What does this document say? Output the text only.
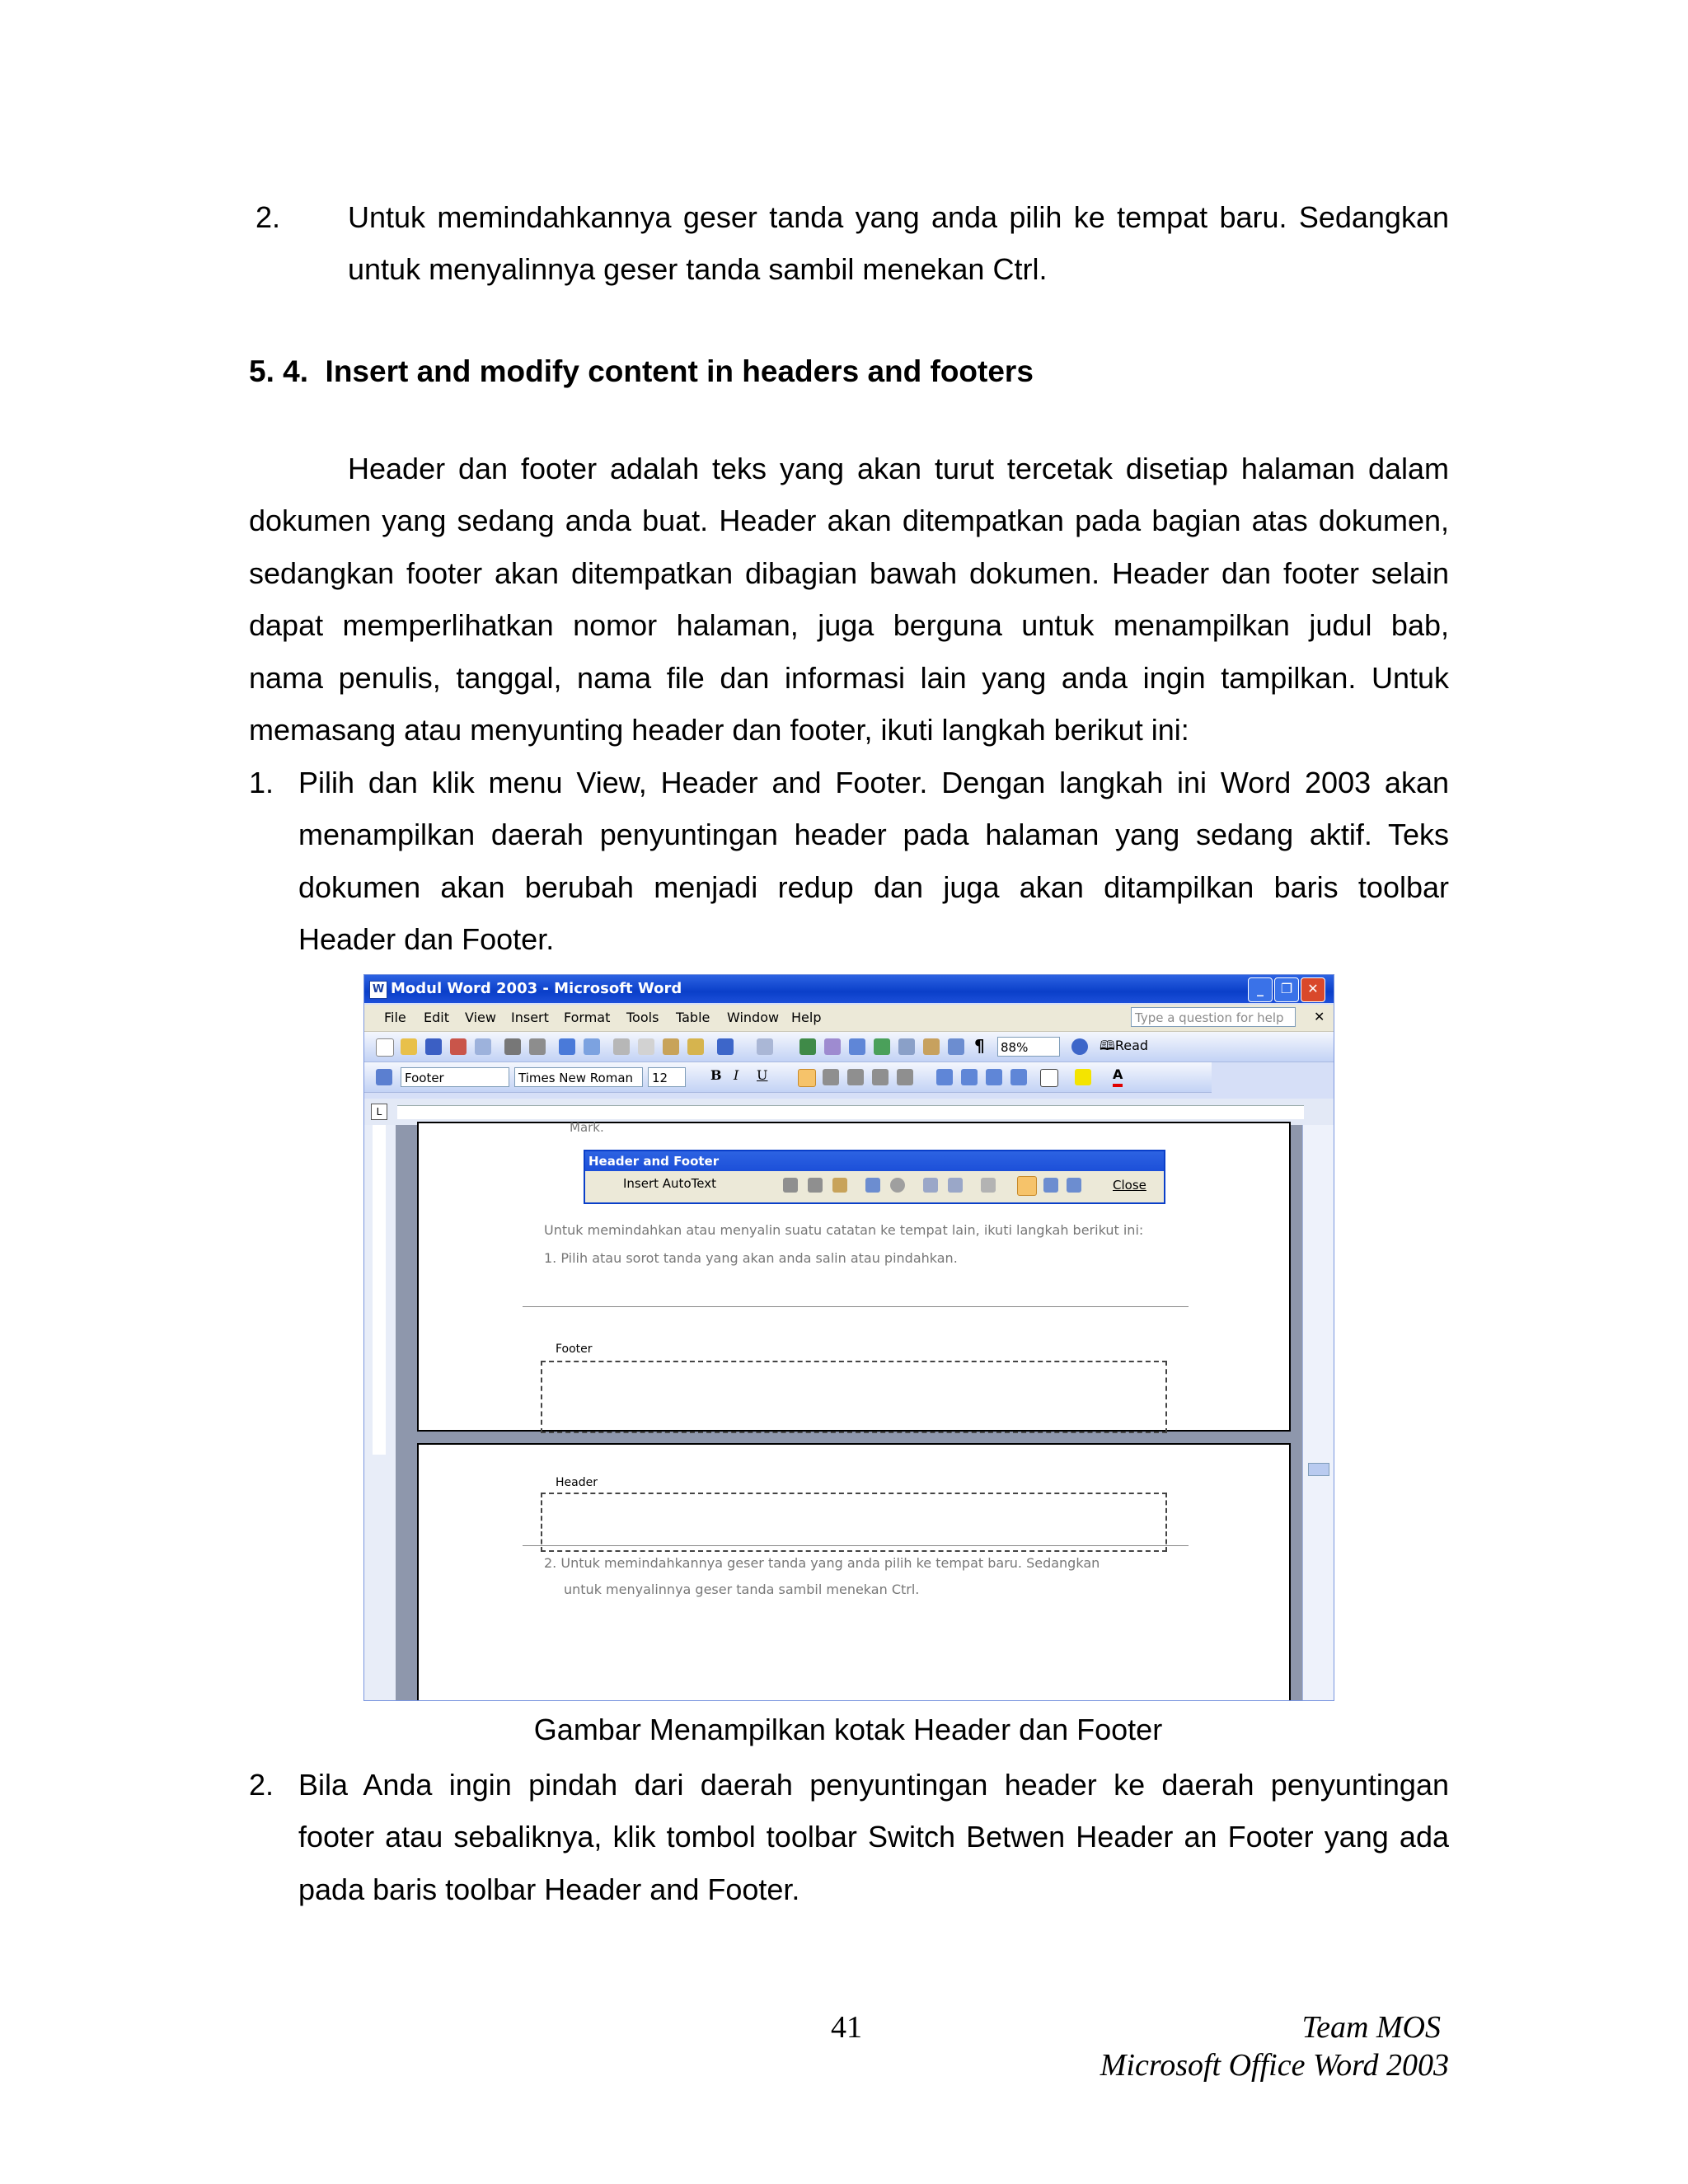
2. Untuk memindahkannya geser tanda yang anda pilih ke tempat baru. Sedangkan
untuk menyalinnya geser tanda sambil menekan Ctrl.
5. 4.  Insert and modify content in headers and footers
Header dan footer adalah teks yang akan turut tercetak disetiap halaman dalam
dokumen yang sedang anda buat. Header akan ditempatkan pada bagian atas dokumen,
sedangkan footer akan ditempatkan dibagian bawah dokumen. Header dan footer selain
dapat memperlihatkan nomor halaman, juga berguna untuk menampilkan judul bab,
nama penulis, tanggal, nama file dan informasi lain yang anda ingin tampilkan. Untuk
memasang atau menyunting header dan footer, ikuti langkah berikut ini:
1. Pilih dan klik menu View, Header and Footer. Dengan langkah ini Word 2003 akan
menampilkan daerah penyuntingan header pada halaman yang sedang aktif. Teks
dokumen akan berubah menjadi redup dan juga akan ditampilkan baris toolbar
Header dan Footer.
W Modul Word 2003 - Microsoft Word	_	❐	✕
File Edit View Insert Format Tools Table Window Help	Type a question for help	✕
¶ 88%	🕮Read
Footer	Times New Roman	12	B I U	A
L
Mark.
Untuk memindahkan atau menyalin suatu catatan ke tempat lain, ikuti langkah berikut ini:
1. Pilih atau sorot tanda yang akan anda salin atau pindahkan.
Footer
Header and Footer
Insert AutoText	Close
Header
2. Untuk memindahkannya geser tanda yang anda pilih ke tempat baru. Sedangkan
untuk menyalinnya geser tanda sambil menekan Ctrl.
Gambar Menampilkan kotak Header dan Footer
2. Bila Anda ingin pindah dari daerah penyuntingan header ke daerah penyuntingan
footer atau sebaliknya, klik tombol toolbar Switch Betwen Header an Footer yang ada
pada baris toolbar Header and Footer.
41	Team MOS
Microsoft Office Word 2003
